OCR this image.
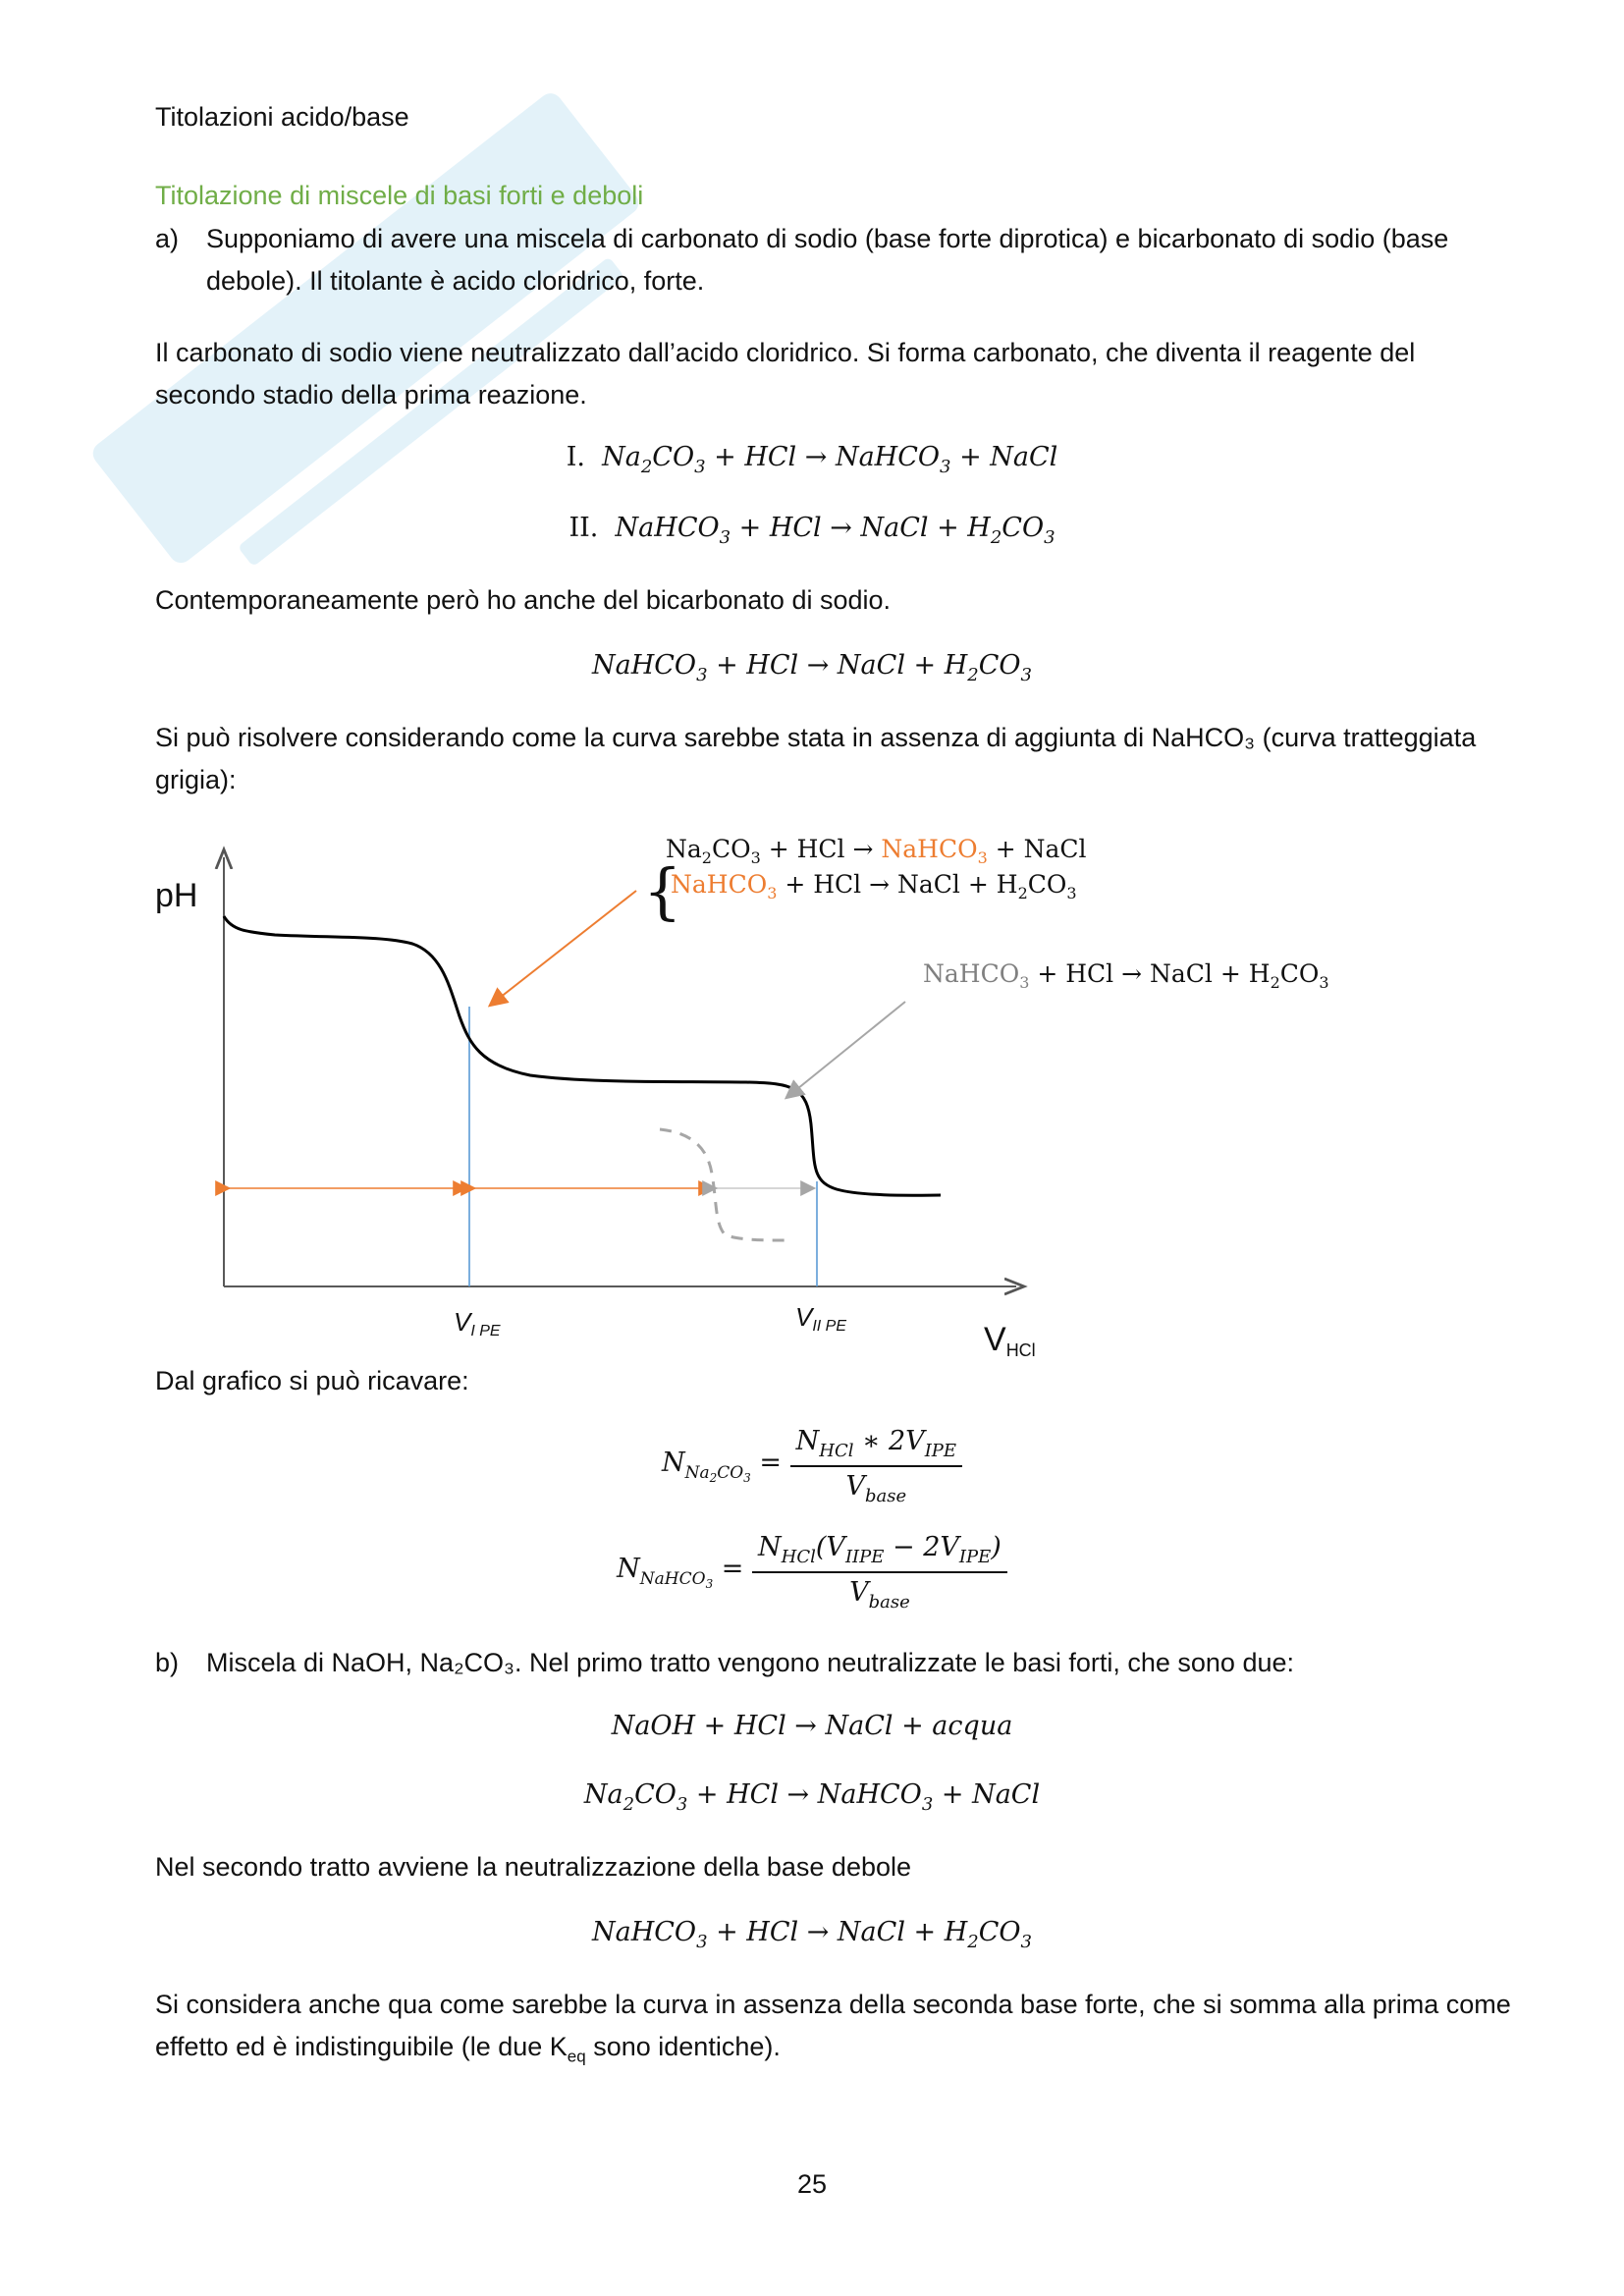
Titolazioni acido/base
Titolazione di miscele di basi forti e deboli
a) Supponiamo di avere una miscela di carbonato di sodio (base forte diprotica) e bicarbonato di sodio (base
debole). Il titolante è acido cloridrico, forte.
Il carbonato di sodio viene neutralizzato dall’acido cloridrico. Si forma carbonato, che diventa il reagente del
secondo stadio della prima reazione.
I. $Na_2CO_3$ + HCl → NaHCO$_3$ + NaCl
II. NaHCO$_3$ + HCl → NaCl + $H_2CO_3$
Contemporaneamente però ho anche del bicarbonato di sodio.
NaHCO$_3$ + HCl → NaCl + $H_2CO_3$
Si può risolvere considerando come la curva sarebbe stata in assenza di aggiunta di NaHCO₃ (curva tratteggiata
grigia):
pH
VHCl
VI PE	VII PE
{
$Na_2CO_3$ + HCl → NaHCO$_3$ + NaCl
NaHCO$_3$ + HCl → NaCl + $H_2CO_3$
NaHCO$_3$ + HCl → NaCl + $H_2CO_3$
Dal grafico si può ricavare:
$N_{Na_2CO_3} = \frac{N_{HCl} ∗ 2V_{IPE}}{V_{base}}$
$N_{NaHCO_3} = \frac{N_{HCl}(V_{IIPE} - 2V_{IPE})}{V_{base}}$
b) Miscela di NaOH, Na₂CO₃. Nel primo tratto vengono neutralizzate le basi forti, che sono due:
NaOH + HCl → NaCl + acqua
$Na_2CO_3$ + HCl → NaHCO$_3$ + NaCl
Nel secondo tratto avviene la neutralizzazione della base debole
NaHCO$_3$ + HCl → NaCl + $H_2CO_3$
Si considera anche qua come sarebbe la curva in assenza della seconda base forte, che si somma alla prima come
effetto ed è indistinguibile (le due $K_{eq}$ sono identiche).
25
